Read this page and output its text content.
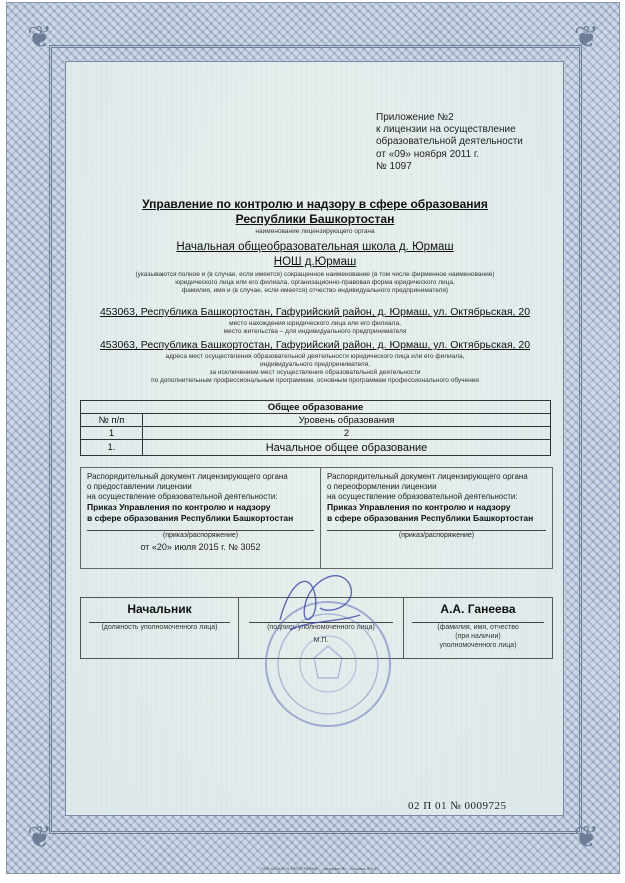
❦	❦
❦	❦
Приложение №2
к лицензии на осуществление
образовательной деятельности
от «09» ноября 2011 г.
№ 1097
Управление по контролю и надзору в сфере образования
Республики Башкортостан
наименование лицензирующего органа
Начальная общеобразовательная школа д. Юрмаш
НОШ д.Юрмаш
(указываются полное и (в случае, если имеется) сокращенное наименование (в том числе фирменное наименование)
юридического лица или его филиала, организационно-правовая форма юридического лица,
фамилия, имя и (в случае, если имеется) отчество индивидуального предпринимателя)
453063, Республика Башкортостан, Гафурийский район, д. Юрмаш, ул. Октябрьская, 20
место нахождения юридического лица или его филиала,
место жительства – для индивидуального предпринимателя
453063, Республика Башкортостан, Гафурийский район, д. Юрмаш, ул. Октябрьская, 20
адреса мест осуществления образовательной деятельности юридического лица или его филиала,
индивидуального предпринимателя,
за исключением мест осуществления образовательной деятельности
по дополнительным профессиональным программам, основным программам профессионального обучения
Общее образование	
№ п/п	Уровень образования
1	2
1.	Начальное общее образование
Распорядительный документ лицензирующего органа
о предоставлении лицензии
на осуществление образовательной деятельности:
Приказ Управления по контролю и надзору
в сфере образования Республики Башкортостан
(приказ/распоряжение)
от «20» июля 2015 г. № 3052
Распорядительный документ лицензирующего органа
о переоформлении лицензии
на осуществление образовательной деятельности:
Приказ Управления по контролю и надзору
в сфере образования Республики Башкортостан
(приказ/распоряжение)
Начальник
(должность уполномоченного лица)	(подпись уполномоченного лица)
М.П.
А.А. Ганеева
(фамилия, имя, отчество
(при наличии)
уполномоченного лица)
02 П 01 № 0009725
ОПЕЧАТАНО В ТИПОГРАФИИ ... лицензия № ... Москва, 2014 г.
